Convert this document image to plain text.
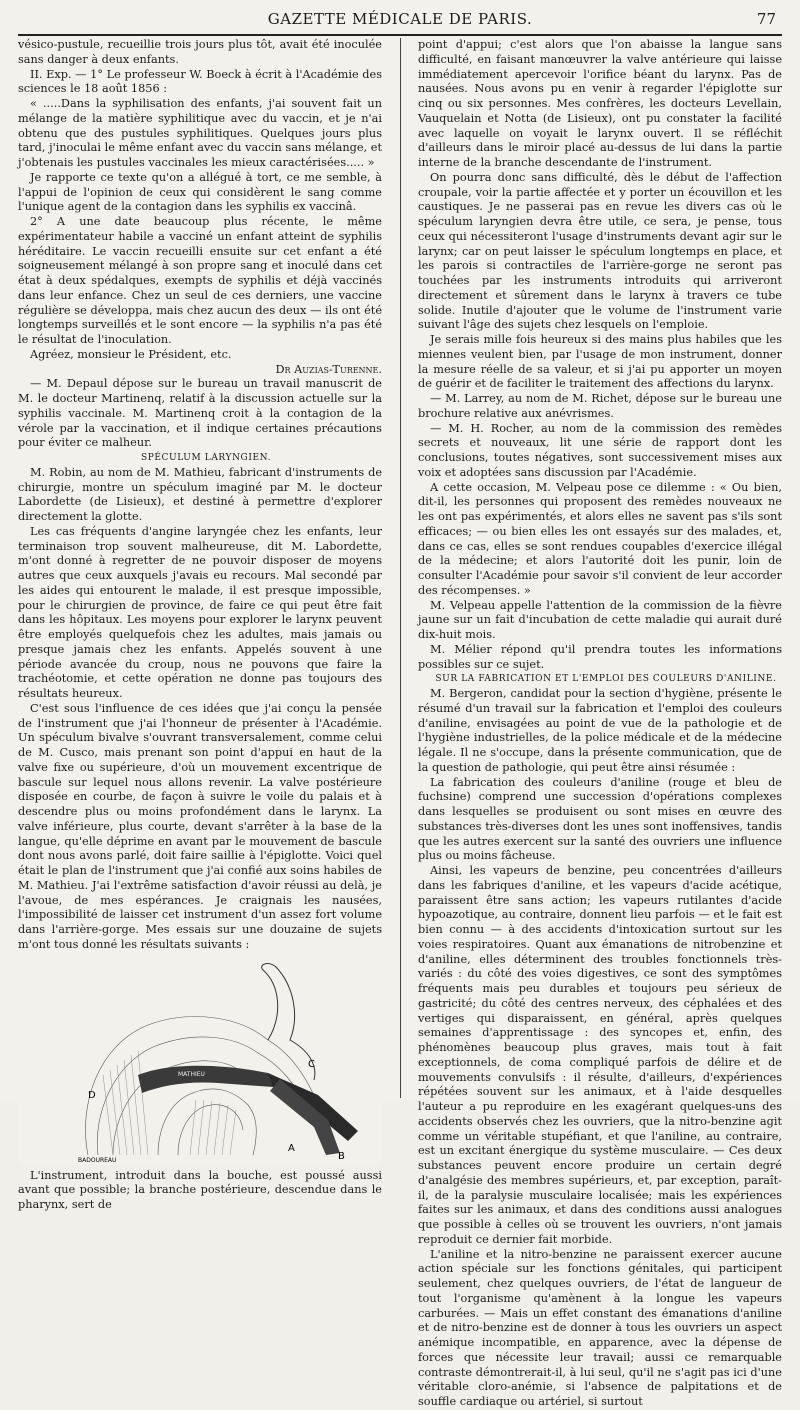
GAZETTE MÉDICALE DE PARIS.	77

vésico-pustule, recueillie trois jours plus tôt, avait été inoculée sans danger à deux enfants.

II. Exp. — 1° Le professeur W. Boeck à écrit à l'Académie des sciences le 18 août 1856 :

« .....Dans la syphilisation des enfants, j'ai souvent fait un mélange de la matière syphilitique avec du vaccin, et je n'ai obtenu que des pustules syphilitiques. Quelques jours plus tard, j'inoculai le même enfant avec du vaccin sans mélange, et j'obtenais les pustules vaccinales les mieux caractérisées..... »

Je rapporte ce texte qu'on a allégué à tort, ce me semble, à l'appui de l'opinion de ceux qui considèrent le sang comme l'unique agent de la contagion dans les syphilis ex vaccinâ.

2° A une date beaucoup plus récente, le même expérimentateur habile a vacciné un enfant atteint de syphilis héréditaire. Le vaccin recueilli ensuite sur cet enfant a été soigneusement mélangé à son propre sang et inoculé dans cet état à deux spédalques, exempts de syphilis et déjà vaccinés dans leur enfance. Chez un seul de ces derniers, une vaccine régulière se développa, mais chez aucun des deux — ils ont été longtemps surveillés et le sont encore — la syphilis n'a pas été le résultat de l'inoculation.

Agréez, monsieur le Président, etc.

Dr Auzias-Turenne.

— M. Depaul dépose sur le bureau un travail manuscrit de M. le docteur Martinenq, relatif à la discussion actuelle sur la syphilis vaccinale. M. Martinenq croit à la contagion de la vérole par la vaccination, et il indique certaines précautions pour éviter ce malheur.

SPÉCULUM LARYNGIEN.

M. Robin, au nom de M. Mathieu, fabricant d'instruments de chirurgie, montre un spéculum imaginé par M. le docteur Labordette (de Lisieux), et destiné à permettre d'explorer directement la glotte.

Les cas fréquents d'angine laryngée chez les enfants, leur terminaison trop souvent malheureuse, dit M. Labordette, m'ont donné à regretter de ne pouvoir disposer de moyens autres que ceux auxquels j'avais eu recours. Mal secondé par les aides qui entourent le malade, il est presque impossible, pour le chirurgien de province, de faire ce qui peut être fait dans les hôpitaux. Les moyens pour explorer le larynx peuvent être employés quelquefois chez les adultes, mais jamais ou presque jamais chez les enfants. Appelés souvent à une période avancée du croup, nous ne pouvons que faire la trachéotomie, et cette opération ne donne pas toujours des résultats heureux.

C'est sous l'influence de ces idées que j'ai conçu la pensée de l'instrument que j'ai l'honneur de présenter à l'Académie. Un spéculum bivalve s'ouvrant transversalement, comme celui de M. Cusco, mais prenant son point d'appui en haut de la valve fixe ou supérieure, d'où un mouvement excentrique de bascule sur lequel nous allons revenir. La valve postérieure disposée en courbe, de façon à suivre le voile du palais et à descendre plus ou moins profondément dans le larynx. La valve inférieure, plus courte, devant s'arrêter à la base de la langue, qu'elle déprime en avant par le mouvement de bascule dont nous avons parlé, doit faire saillie à l'épiglotte. Voici quel était le plan de l'instrument que j'ai confié aux soins habiles de M. Mathieu. J'ai l'extrême satisfaction d'avoir réussi au delà, je l'avoue, de mes espérances. Je craignais les nausées, l'impossibilité de laisser cet instrument d'un assez fort volume dans l'arrière-gorge. Mes essais sur une douzaine de sujets m'ont tous donné les résultats suivants :

MATHIEU
C
D
A
B
BADOUREAU

L'instrument, introduit dans la bouche, est poussé aussi avant que possible; la branche postérieure, descendue dans le pharynx, sert de

point d'appui; c'est alors que l'on abaisse la langue sans difficulté, en faisant manœuvrer la valve antérieure qui laisse immédiatement apercevoir l'orifice béant du larynx. Pas de nausées. Nous avons pu en venir à regarder l'épiglotte sur cinq ou six personnes. Mes confrères, les docteurs Levellain, Vauquelain et Notta (de Lisieux), ont pu constater la facilité avec laquelle on voyait le larynx ouvert. Il se réfléchit d'ailleurs dans le miroir placé au-dessus de lui dans la partie interne de la branche descendante de l'instrument.

On pourra donc sans difficulté, dès le début de l'affection croupale, voir la partie affectée et y porter un écouvillon et les caustiques. Je ne passerai pas en revue les divers cas où le spéculum laryngien devra être utile, ce sera, je pense, tous ceux qui nécessiteront l'usage d'instruments devant agir sur le larynx; car on peut laisser le spéculum longtemps en place, et les parois si contractiles de l'arrière-gorge ne seront pas touchées par les instruments introduits qui arriveront directement et sûrement dans le larynx à travers ce tube solide. Inutile d'ajouter que le volume de l'instrument varie suivant l'âge des sujets chez lesquels on l'emploie.

Je serais mille fois heureux si des mains plus habiles que les miennes veulent bien, par l'usage de mon instrument, donner la mesure réelle de sa valeur, et si j'ai pu apporter un moyen de guérir et de faciliter le traitement des affections du larynx.

— M. Larrey, au nom de M. Richet, dépose sur le bureau une brochure relative aux anévrismes.

— M. H. Rocher, au nom de la commission des remèdes secrets et nouveaux, lit une série de rapport dont les conclusions, toutes négatives, sont successivement mises aux voix et adoptées sans discussion par l'Académie.

A cette occasion, M. Velpeau pose ce dilemme : « Ou bien, dit-il, les personnes qui proposent des remèdes nouveaux ne les ont pas expérimentés, et alors elles ne savent pas s'ils sont efficaces; — ou bien elles les ont essayés sur des malades, et, dans ce cas, elles se sont rendues coupables d'exercice illégal de la médecine; et alors l'autorité doit les punir, loin de consulter l'Académie pour savoir s'il convient de leur accorder des récompenses. »

M. Velpeau appelle l'attention de la commission de la fièvre jaune sur un fait d'incubation de cette maladie qui aurait duré dix-huit mois.

M. Mélier répond qu'il prendra toutes les informations possibles sur ce sujet.

SUR LA FABRICATION ET L'EMPLOI DES COULEURS D'ANILINE.

M. Bergeron, candidat pour la section d'hygiène, présente le résumé d'un travail sur la fabrication et l'emploi des couleurs d'aniline, envisagées au point de vue de la pathologie et de l'hygiène industrielles, de la police médicale et de la médecine légale. Il ne s'occupe, dans la présente communication, que de la question de pathologie, qui peut être ainsi résumée :

La fabrication des couleurs d'aniline (rouge et bleu de fuchsine) comprend une succession d'opérations complexes dans lesquelles se produisent ou sont mises en œuvre des substances très-diverses dont les unes sont inoffensives, tandis que les autres exercent sur la santé des ouvriers une influence plus ou moins fâcheuse.

Ainsi, les vapeurs de benzine, peu concentrées d'ailleurs dans les fabriques d'aniline, et les vapeurs d'acide acétique, paraissent être sans action; les vapeurs rutilantes d'acide hypoazotique, au contraire, donnent lieu parfois — et le fait est bien connu — à des accidents d'intoxication surtout sur les voies respiratoires. Quant aux émanations de nitrobenzine et d'aniline, elles déterminent des troubles fonctionnels très-variés : du côté des voies digestives, ce sont des symptômes fréquents mais peu durables et toujours peu sérieux de gastricité; du côté des centres nerveux, des céphalées et des vertiges qui disparaissent, en général, après quelques semaines d'apprentissage : des syncopes et, enfin, des phénomènes beaucoup plus graves, mais tout à fait exceptionnels, de coma compliqué parfois de délire et de mouvements convulsifs : il résulte, d'ailleurs, d'expériences répétées souvent sur les animaux, et à l'aide desquelles l'auteur a pu reproduire en les exagérant quelques-uns des accidents observés chez les ouvriers, que la nitro-benzine agit comme un véritable stupéfiant, et que l'aniline, au contraire, est un excitant énergique du système musculaire. — Ces deux substances peuvent encore produire un certain degré d'analgésie des membres supérieurs, et, par exception, paraît-il, de la paralysie musculaire localisée; mais les expériences faites sur les animaux, et dans des conditions aussi analogues que possible à celles où se trouvent les ouvriers, n'ont jamais reproduit ce dernier fait morbide.

L'aniline et la nitro-benzine ne paraissent exercer aucune action spéciale sur les fonctions génitales, qui participent seulement, chez quelques ouvriers, de l'état de langueur de tout l'organisme qu'amènent à la longue les vapeurs carburées. — Mais un effet constant des émanations d'aniline et de nitro-benzine est de donner à tous les ouvriers un aspect anémique incompatible, en apparence, avec la dépense de forces que nécessite leur travail; aussi ce remarquable contraste démontrerait-il, à lui seul, qu'il ne s'agit pas ici d'une véritable cloro-anémie, si l'absence de palpitations et de souffle cardiaque ou artériel, si surtout
